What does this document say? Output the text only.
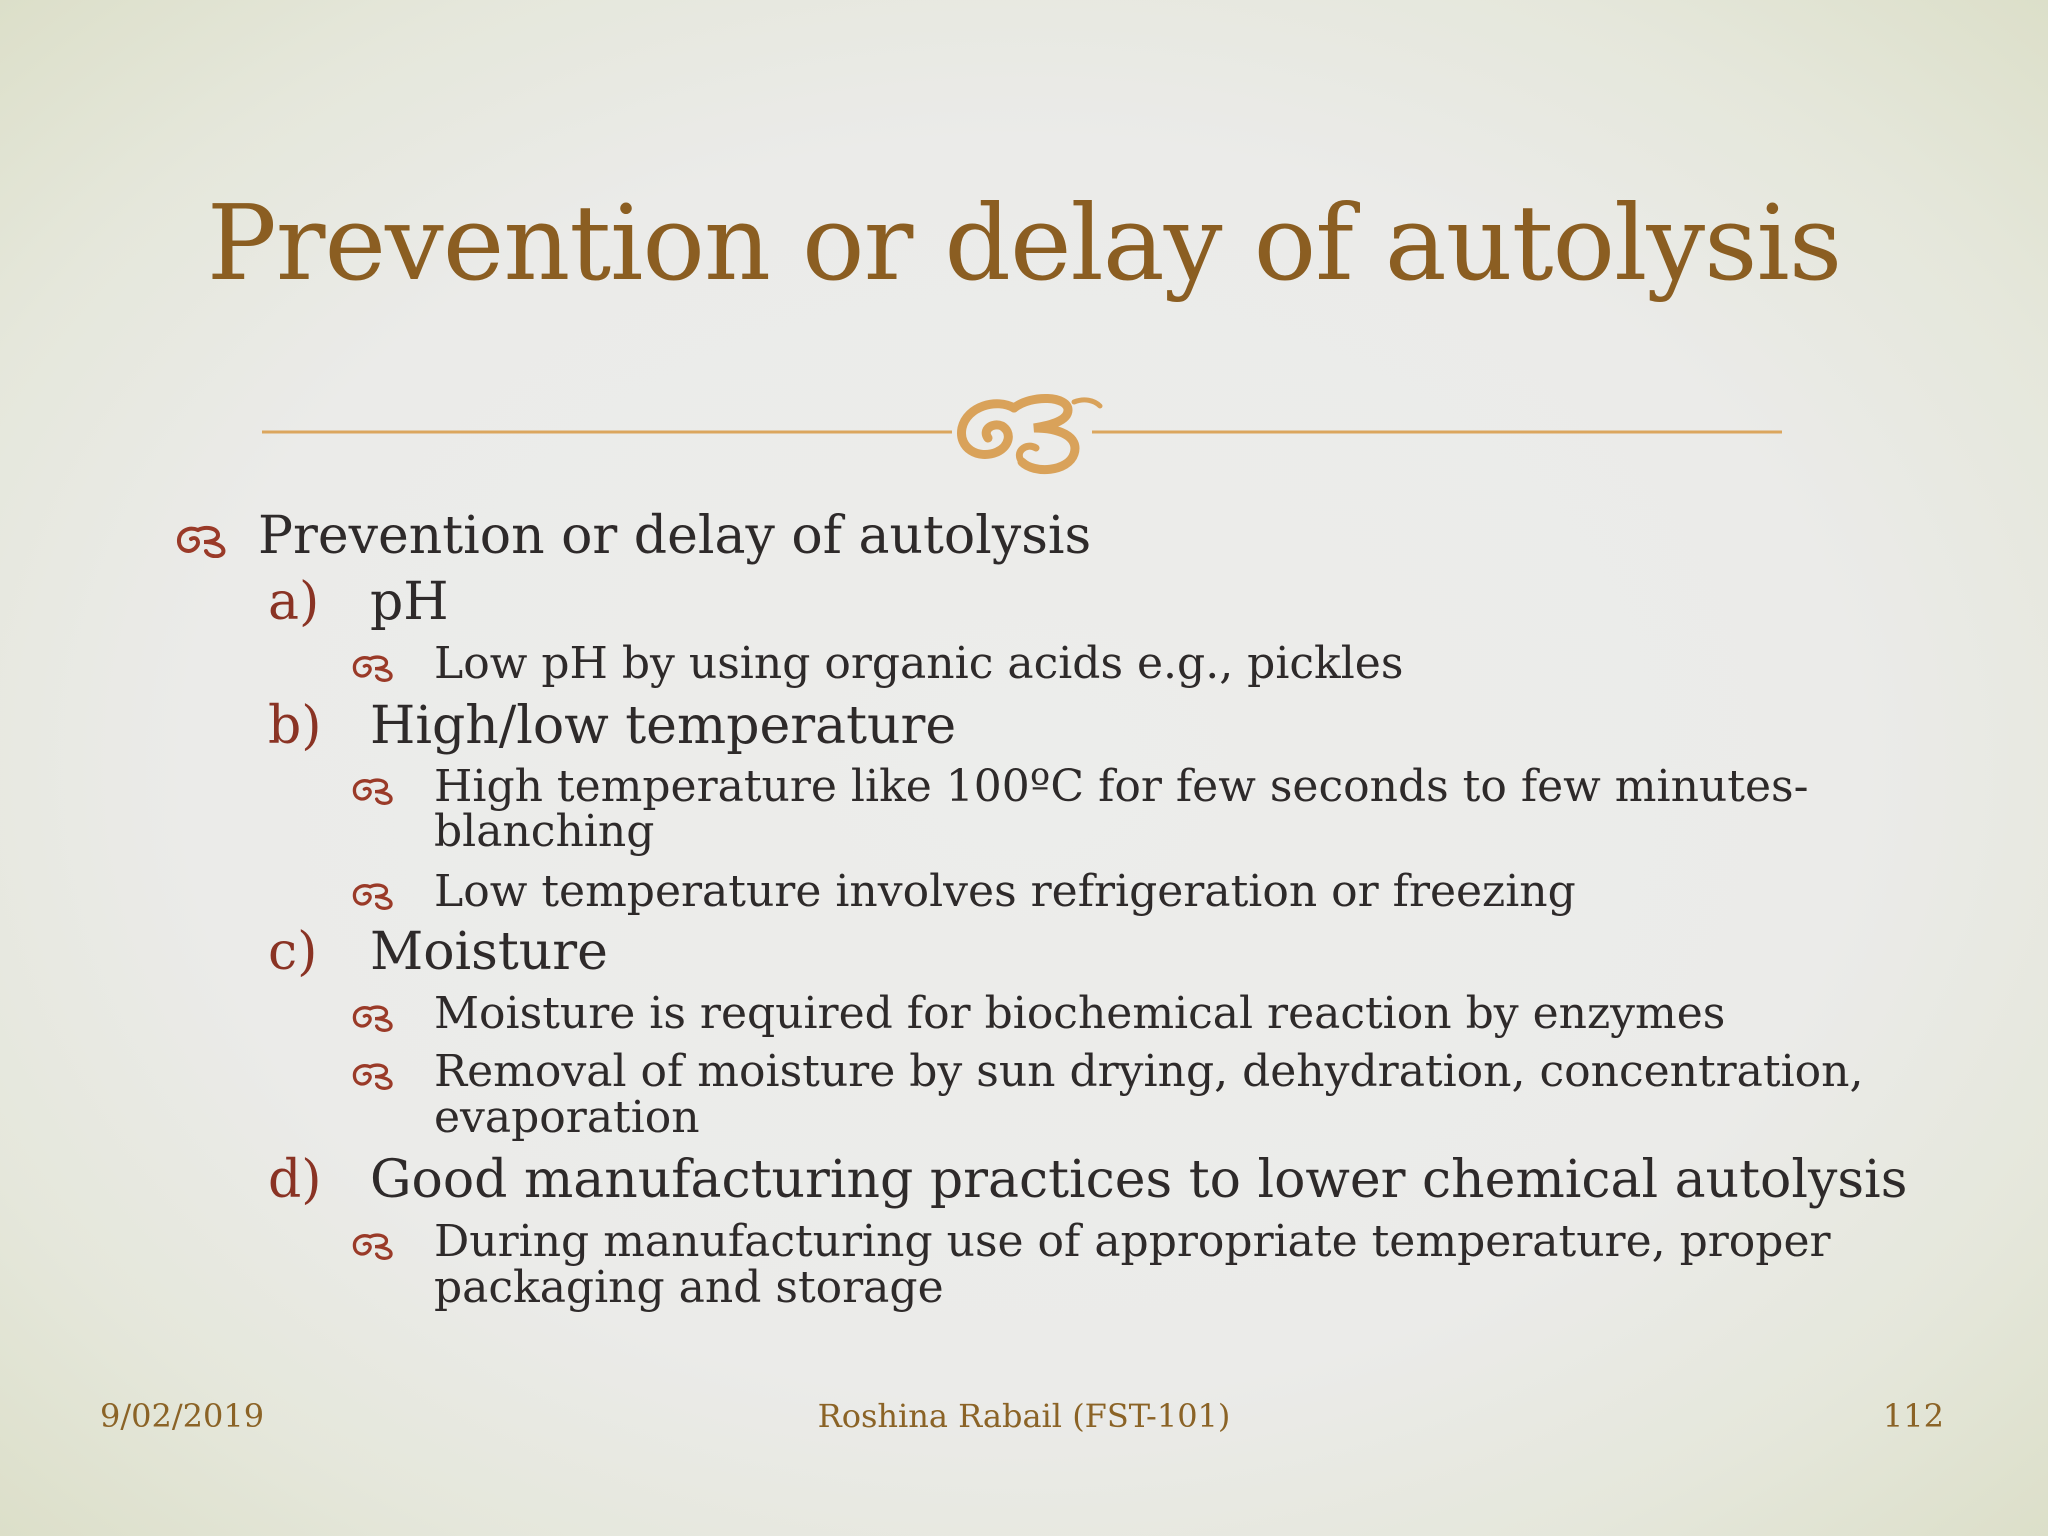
Prevention or delay of autolysis
Prevention or delay of autolysis
a) pH
Low pH by using organic acids e.g., pickles
b) High/low temperature
High temperature like 100ºC for few seconds to few minutes-
blanching
Low temperature involves refrigeration or freezing
c) Moisture
Moisture is required for biochemical reaction by enzymes
Removal of moisture by sun drying, dehydration, concentration,
evaporation
d) Good manufacturing practices to lower chemical autolysis
During manufacturing use of appropriate temperature, proper
packaging and storage
9/02/2019	Roshina Rabail (FST-101)	112
